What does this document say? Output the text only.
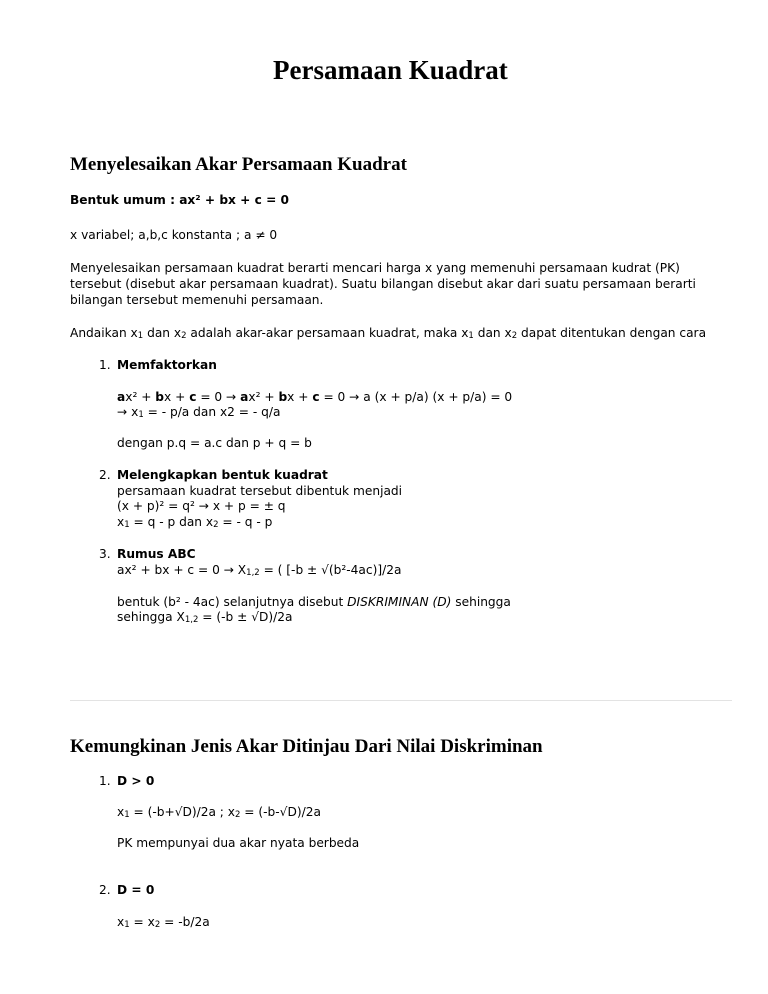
Persamaan Kuadrat
Menyelesaikan Akar Persamaan Kuadrat
Bentuk umum : ax² + bx + c = 0
x variabel; a,b,c konstanta ; a ≠ 0
Menyelesaikan persamaan kuadrat berarti mencari harga x yang memenuhi persamaan kudrat (PK)
tersebut (disebut akar persamaan kuadrat). Suatu bilangan disebut akar dari suatu persamaan berarti
bilangan tersebut memenuhi persamaan.
Andaikan x1 dan x2 adalah akar-akar persamaan kuadrat, maka x1 dan x2 dapat ditentukan dengan cara
1. Memfaktorkan
ax² + bx + c = 0 → ax² + bx + c = 0 → a (x + p/a) (x + p/a) = 0
→ x1 = - p/a dan x2 = - q/a
dengan p.q = a.c dan p + q = b
2. Melengkapkan bentuk kuadrat
persamaan kuadrat tersebut dibentuk menjadi
(x + p)² = q² → x + p = ± q
x1 = q - p dan x2 = - q - p
3. Rumus ABC
ax² + bx + c = 0 → X1,2 = ( [-b ± √(b²-4ac)]/2a
bentuk (b² - 4ac) selanjutnya disebut DISKRIMINAN (D) sehingga
sehingga X1,2 = (-b ± √D)/2a
Kemungkinan Jenis Akar Ditinjau Dari Nilai Diskriminan
1. D > 0
x1 = (-b+√D)/2a ; x2 = (-b-√D)/2a
PK mempunyai dua akar nyata berbeda
2. D = 0
x1 = x2 = -b/2a
